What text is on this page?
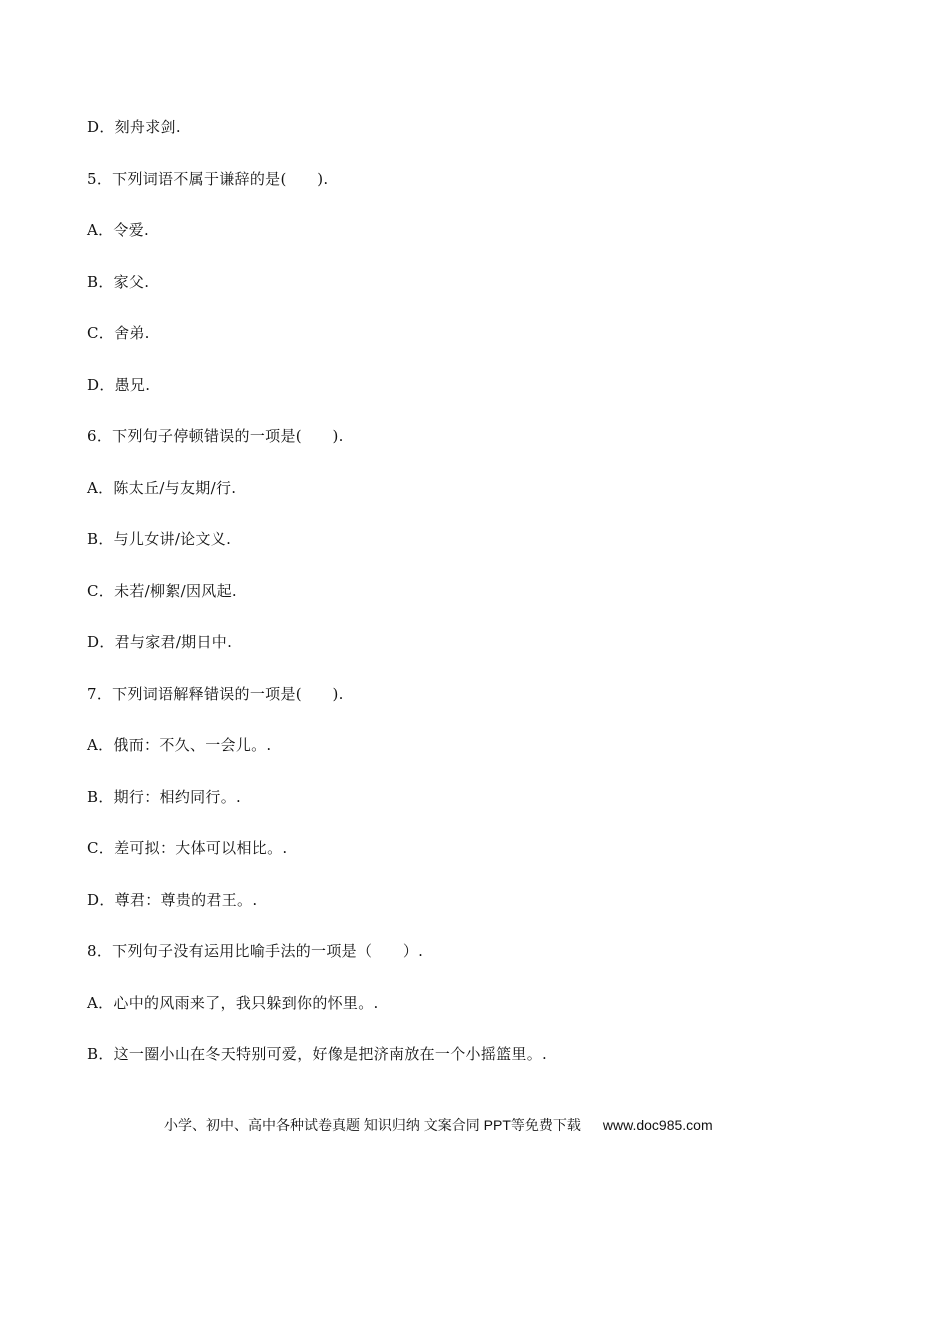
D．刻舟求剑.
5．下列词语不属于谦辞的是(　　).
A．令爱.
B．家父.
C．舍弟.
D．愚兄.
6．下列句子停顿错误的一项是(　　).
A．陈太丘/与友期/行.
B．与儿女讲/论文义.
C．未若/柳絮/因风起.
D．君与家君/期日中.
7．下列词语解释错误的一项是(　　).
A．俄而：不久、一会儿。.
B．期行：相约同行。.
C．差可拟：大体可以相比。.
D．尊君：尊贵的君王。.
8．下列句子没有运用比喻手法的一项是（　　）.
A．心中的风雨来了，我只躲到你的怀里。.
B．这一圈小山在冬天特别可爱，好像是把济南放在一个小摇篮里。.
小学、初中、高中各种试卷真题 知识归纳 文案合同 PPT等免费下载 www.doc985.com
